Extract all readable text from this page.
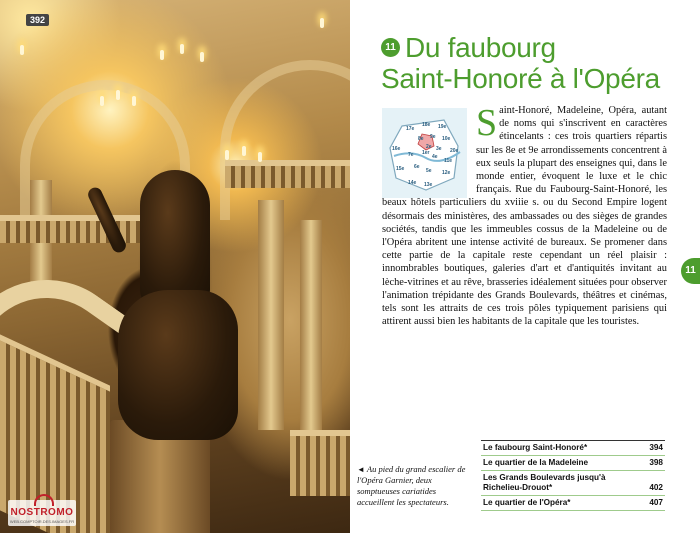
392
NOSTROMO
WEB.COMPTOIR.DES.IMAGES.FR
◄ Au pied du grand escalier de l'Opéra Garnier, deux somptueuses cariatides accueillent les spectateurs.
11 Du faubourg
Saint-Honoré à l'Opéra
17e
18e 19e
8e 9e 10e
16e	2e 3e 20e
7e 1er
4e
11e
15e 6e
5e 12e
14e 13e
Saint-Honoré, Madeleine, Opéra, autant de noms qui s'inscrivent en caractères étincelants : ces trois quartiers répartis sur les 8e et 9e arrondissements concentrent à eux seuls la plupart des enseignes qui, dans le monde entier, évoquent le luxe et le chic français. Rue du Faubourg-Saint-Honoré, les beaux hôtels particuliers du xviiie s. ou du Second Empire logent désormais des ministères, des ambassades ou des sièges de grandes sociétés, tandis que les immeubles cossus de la Madeleine ou de l'Opéra abritent une intense activité de bureaux. Se promener dans cette partie de la capitale reste cependant un réel plaisir : innombrables boutiques, galeries d'art et d'antiquités invitant au lèche-vitrines et au rêve, brasseries idéalement situées pour observer l'animation trépidante des Grands Boulevards, théâtres et cinémas, tels sont les attraits de ces trois pôles typiquement parisiens qui attirent aussi bien les habitants de la capitale que les touristes.
11
Le faubourg Saint-Honoré*	394
Le quartier de la Madeleine	398
Les Grands Boulevards jusqu'à Richelieu-Drouot*	402
Le quartier de l'Opéra*	407
